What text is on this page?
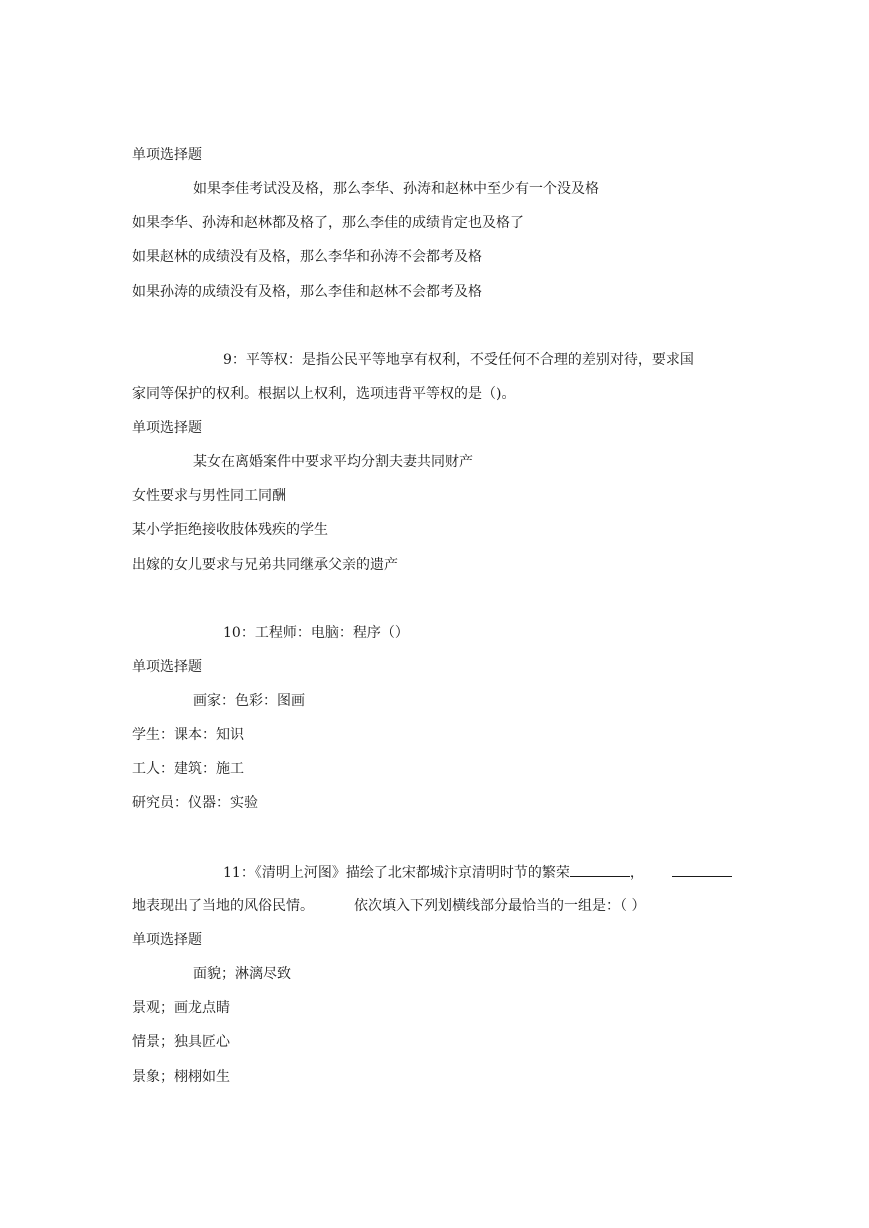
单项选择题
如果李佳考试没及格，那么李华、孙涛和赵林中至少有一个没及格
如果李华、孙涛和赵林都及格了，那么李佳的成绩肯定也及格了
如果赵林的成绩没有及格，那么李华和孙涛不会都考及格
如果孙涛的成绩没有及格，那么李佳和赵林不会都考及格
9：平等权：是指公民平等地享有权利，不受任何不合理的差别对待，要求国
家同等保护的权利。根据以上权利，选项违背平等权的是（)。
单项选择题
某女在离婚案件中要求平均分割夫妻共同财产
女性要求与男性同工同酬
某小学拒绝接收肢体残疾的学生
出嫁的女儿要求与兄弟共同继承父亲的遗产
10：工程师：电脑：程序（）
单项选择题
画家：色彩：图画
学生：课本：知识
工人：建筑：施工
研究员：仪器：实验
11：《清明上河图》描绘了北宋都城汴京清明时节的繁荣	，
地表现出了当地的风俗民情。	依次填入下列划横线部分最恰当的一组是：（ ）
单项选择题
面貌；淋漓尽致
景观；画龙点睛
情景；独具匠心
景象；栩栩如生
